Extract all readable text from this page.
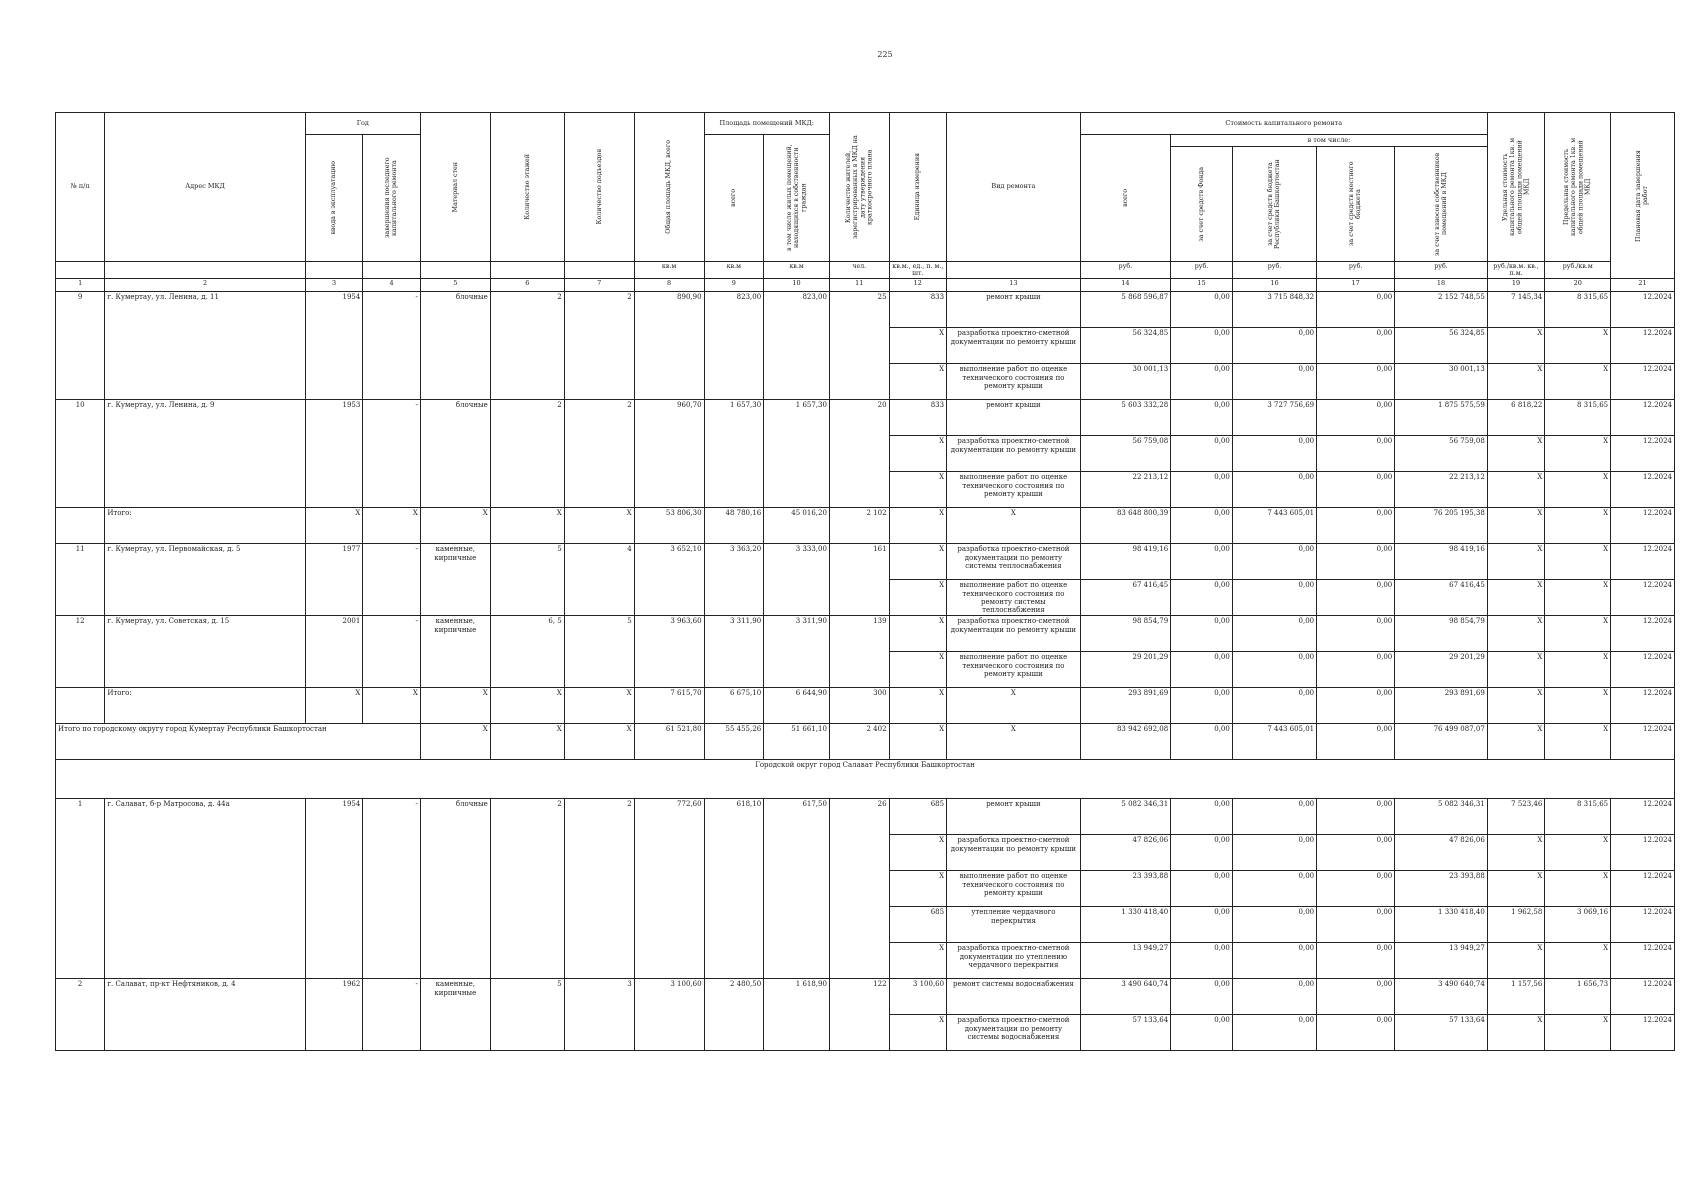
225
№ п/п	Адрес МКД	Год		Материал стен	Количество этажей	Количество подъездов	Общая площадь МКД, всего	Площадь помещений МКД:		Количество жителей, зарегистрированных в МКД на дату утверждения краткосрочного плана	Единица измерения	Вид ремонта	Стоимость капитального ремонта					Удельная стоимость капитального ремонта 1кв. м общей площади помещений МКД	Предельная стоимость капитального ремонта 1кв. м общей площади помещений МКД	Плановая дата завершения работ

		ввода в эксплуатацию	завершения последнего капитального ремонта					всего	в том числе жилых помещений, находящихся в собственности граждан				всего	в том числе:						

														за счет средств Фонда	за счет средств бюджета Республики Башкортостан	за счет средств местного бюджета	за счет взносов собственников помещений в МКД			

							кв.м	кв.м	кв.м	чел.	кв.м., ед., п. м., шт.		руб.	руб.	руб.	руб.	руб.	руб./кв.м. кв., п.м.	руб./кв.м	
1	2	3	4	5	6	7	8	9	10	11	12	13	14	15	16	17	18	19	20	21
9	г. Кумертау, ул. Ленина, д. 11	1954	-	блочные	2	2	890,90	823,00	823,00	25	833	ремонт крыши	5 868 596,87	0,00	3 715 848,32	0,00	2 152 748,55	7 145,34	8 315,65	12.2024
											X	разработка проектно-сметной документации по ремонту крыши	56 324,85	0,00	0,00	0,00	56 324,85	X	X	12.2024
											X	выполнение работ по оценке технического состояния по ремонту крыши	30 001,13	0,00	0,00	0,00	30 001,13	X	X	12.2024
10	г. Кумертау, ул. Ленина, д. 9	1953	-	блочные	2	2	960,70	1 657,30	1 657,30	20	833	ремонт крыши	5 603 332,28	0,00	3 727 756,69	0,00	1 875 575,59	6 818,22	8 315,65	12.2024
											X	разработка проектно-сметной документации по ремонту крыши	56 759,08	0,00	0,00	0,00	56 759,08	X	X	12.2024
											X	выполнение работ по оценке технического состояния по ремонту крыши	22 213,12	0,00	0,00	0,00	22 213,12	X	X	12.2024
	Итого:	X	X	X	X	X	53 806,30	48 780,16	45 016,20	2 102	X	X	83 648 800,39	0,00	7 443 605,01	0,00	76 205 195,38	X	X	12.2024
11	г. Кумертау, ул. Первомайская, д. 5	1977	-	каменные, кирпичные	5	4	3 652,10	3 363,20	3 333,00	161	X	разработка проектно-сметной документации по ремонту системы теплоснабжения	98 419,16	0,00	0,00	0,00	98 419,16	X	X	12.2024
											X	выполнение работ по оценке технического состояния по ремонту системы теплоснабжения	67 416,45	0,00	0,00	0,00	67 416,45	X	X	12.2024
12	г. Кумертау, ул. Советская, д. 15	2001	-	каменные, кирпичные	6, 5	5	3 963,60	3 311,90	3 311,90	139	X	разработка проектно-сметной документации по ремонту крыши	98 854,79	0,00	0,00	0,00	98 854,79	X	X	12.2024
											X	выполнение работ по оценке технического состояния по ремонту крыши	29 201,29	0,00	0,00	0,00	29 201,29	X	X	12.2024
	Итого:	X	X	X	X	X	7 615,70	6 675,10	6 644,90	300	X	X	293 891,69	0,00	0,00	0,00	293 891,69	X	X	12.2024
Итого по городскому округу город Кумертау Республики Башкортостан				X	X	X	61 521,80	55 455,26	51 661,10	2 402	X	X	83 942 692,08	0,00	7 443 605,01	0,00	76 499 087,07	X	X	12.2024
Городской округ город Салават Республики Башкортостан																				
1	г. Салават, б-р Матросова, д. 44а	1954	-	блочные	2	2	772,60	618,10	617,50	26	685	ремонт крыши	5 082 346,31	0,00	0,00	0,00	5 082 346,31	7 523,46	8 315,65	12.2024
											X	разработка проектно-сметной документации по ремонту крыши	47 826,06	0,00	0,00	0,00	47 826,06	X	X	12.2024
											X	выполнение работ по оценке технического состояния по ремонту крыши	23 393,88	0,00	0,00	0,00	23 393,88	X	X	12.2024
											685	утепление чердачного перекрытия	1 330 418,40	0,00	0,00	0,00	1 330 418,40	1 962,58	3 069,16	12.2024
											X	разработка проектно-сметной документации по утеплению чердачного перекрытия	13 949,27	0,00	0,00	0,00	13 949,27	X	X	12.2024
2	г. Салават, пр-кт Нефтяников, д. 4	1962	-	каменные, кирпичные	5	3	3 100,60	2 480,50	1 618,90	122	3 100,60	ремонт системы водоснабжения	3 490 640,74	0,00	0,00	0,00	3 490 640,74	1 157,56	1 656,73	12.2024
											X	разработка проектно-сметной документации по ремонту системы водоснабжения	57 133,64	0,00	0,00	0,00	57 133,64	X	X	12.2024
